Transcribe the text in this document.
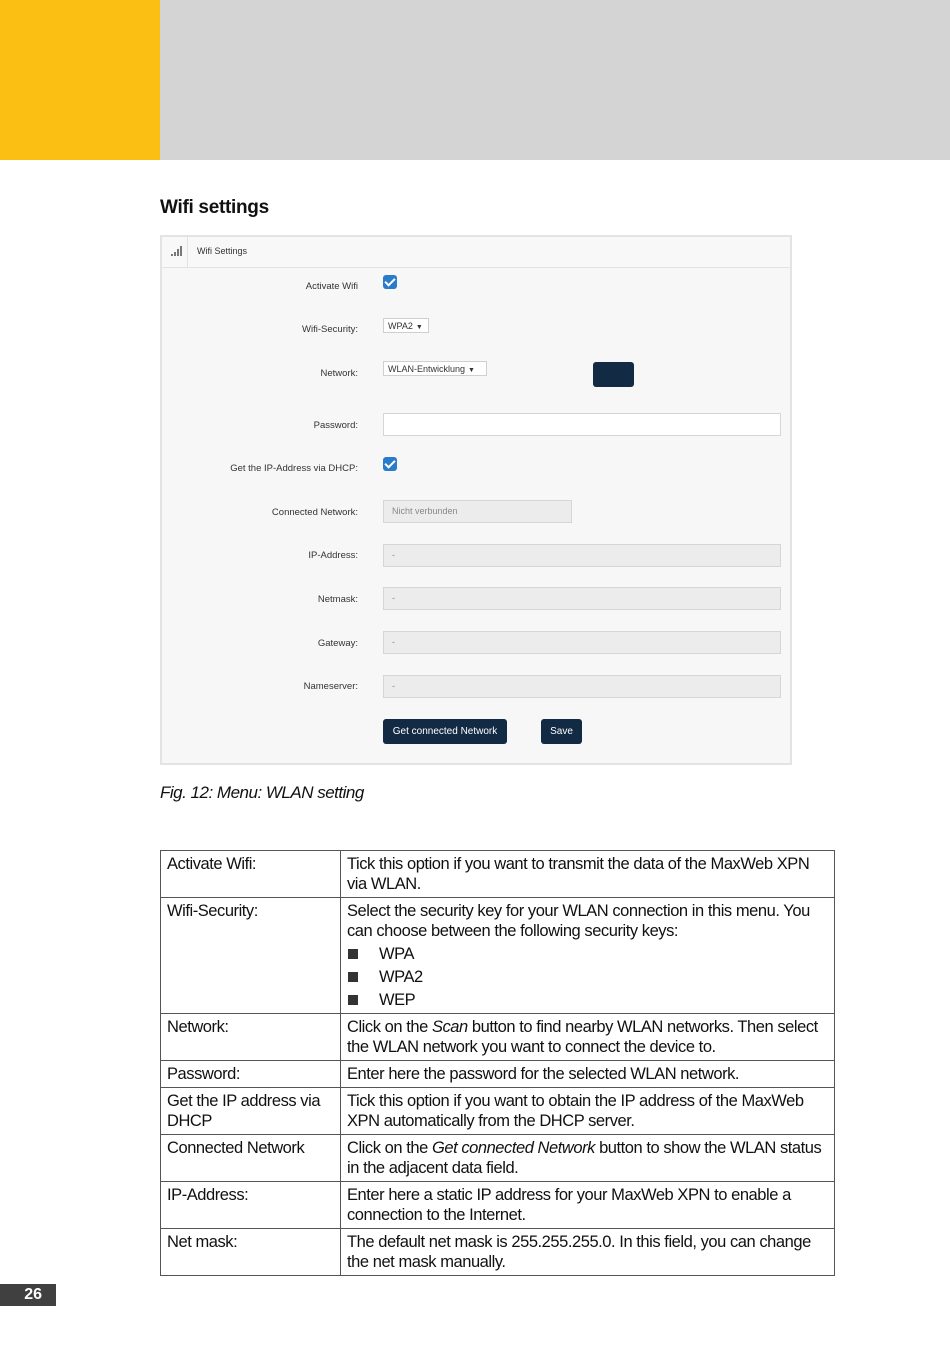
Wifi settings
Wifi Settings
Activate Wifi
Wifi-Security:	WPA2 ▼
Network:	WLAN-Entwicklung ▼
Password:
Get the IP-Address via DHCP:
Connected Network:	Nicht verbunden
IP-Address:	-
Netmask:	-
Gateway:	-
Nameserver:	-
Get connected Network	Save
Fig. 12: Menu: WLAN setting
Activate Wifi:	Tick this option if you want to transmit the data of the MaxWeb XPN via WLAN.
Wifi-Security:	Select the security key for your WLAN connection in this menu. You can choose between the following security keys:
WPA
WPA2
WEP

Network:	Click on the Scan button to find nearby WLAN networks. Then select the WLAN network you want to connect the device to.
Password:	Enter here the password for the selected WLAN network.
Get the IP address via DHCP	Tick this option if you want to obtain the IP address of the MaxWeb XPN automatically from the DHCP server.
Connected Network	Click on the Get connected Network button to show the WLAN status in the adjacent data field.
IP-Address:	Enter here a static IP address for your MaxWeb XPN to enable a connection to the Internet.
Net mask:	The default net mask is 255.255.255.0. In this field, you can change the net mask manually.
26
